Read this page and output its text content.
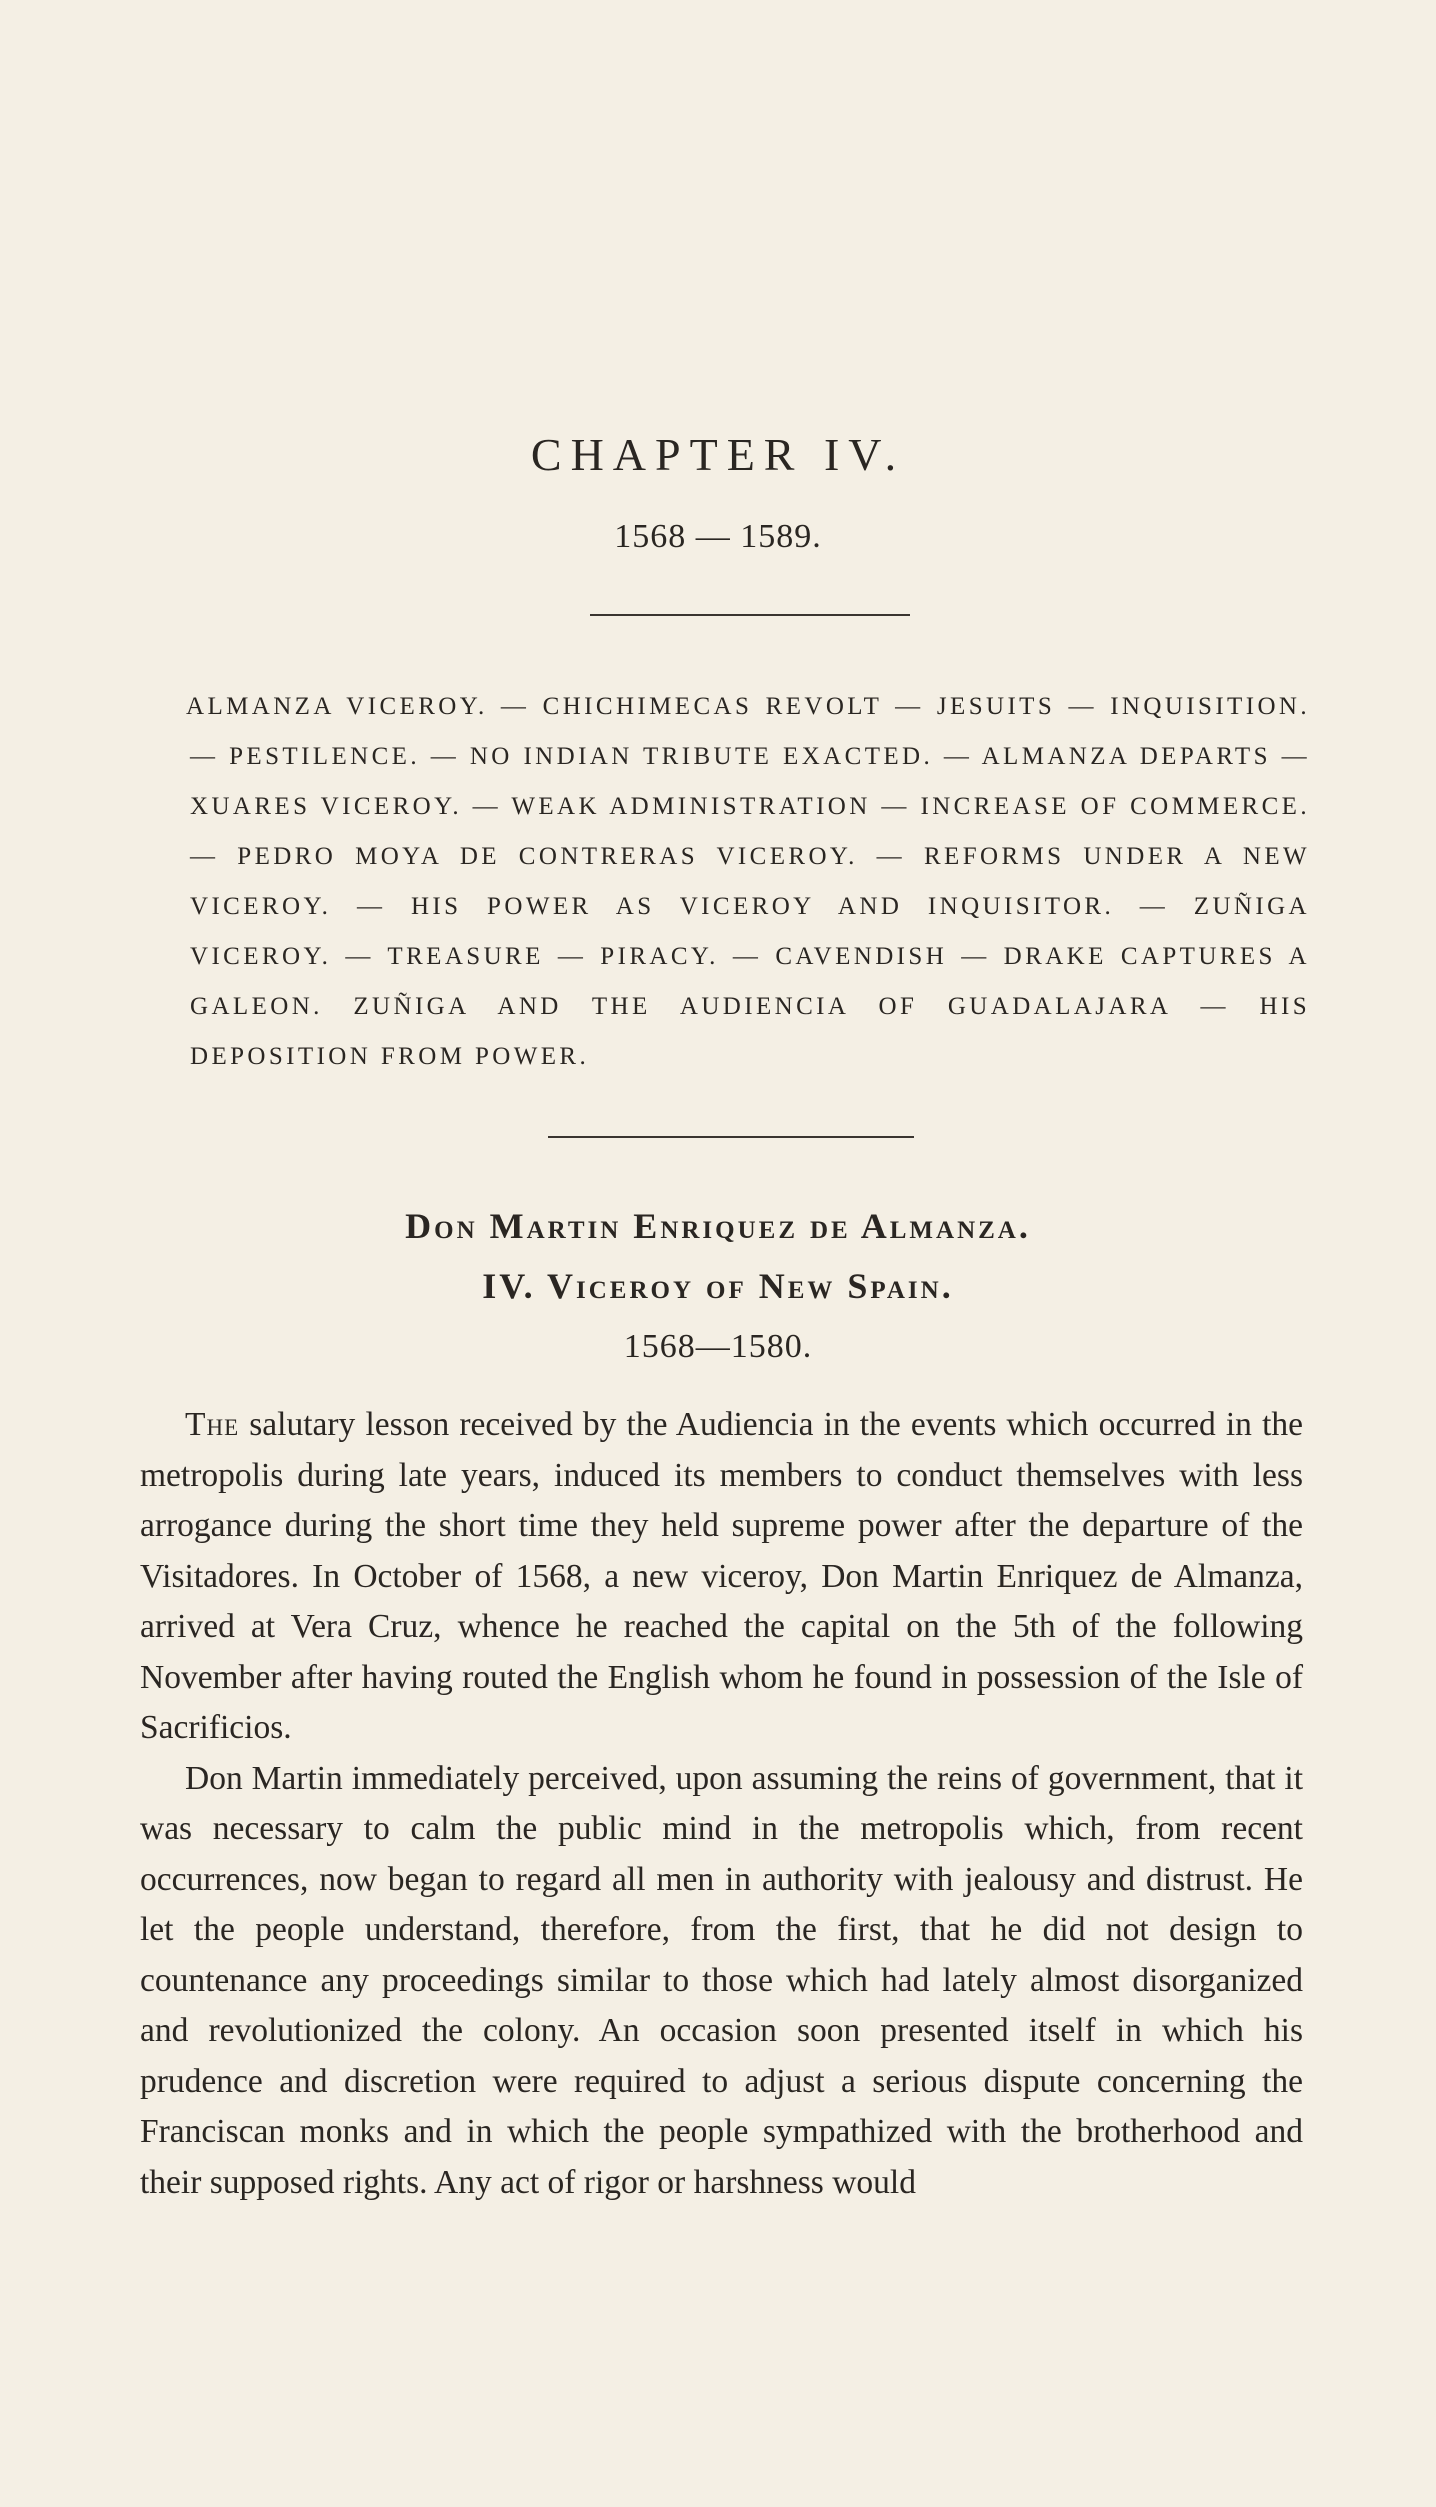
CHAPTER IV.
1568 — 1589.

ALMANZA VICEROY. — CHICHIMECAS REVOLT — JESUITS — INQUISITION. — PESTILENCE. — NO INDIAN TRIBUTE EXACTED. — ALMANZA DEPARTS — XUARES VICEROY. — WEAK ADMINISTRATION — INCREASE OF COMMERCE. — PEDRO MOYA DE CONTRERAS VICEROY. — REFORMS UNDER A NEW VICEROY. — HIS POWER AS VICEROY AND INQUISITOR. — ZUÑIGA VICEROY. — TREASURE — PIRACY. — CAVENDISH — DRAKE CAPTURES A GALEON. ZUÑIGA AND THE AUDIENCIA OF GUADALAJARA — HIS DEPOSITION FROM POWER.

Don Martin Enriquez de Almanza.
IV. Viceroy of New Spain.
1568—1580.

The salutary lesson received by the Audiencia in the events which occurred in the metropolis during late years, induced its members to conduct themselves with less arrogance during the short time they held supreme power after the departure of the Visitadores. In October of 1568, a new viceroy, Don Martin Enriquez de Almanza, arrived at Vera Cruz, whence he reached the capital on the 5th of the following November after having routed the English whom he found in possession of the Isle of Sacrificios.

Don Martin immediately perceived, upon assuming the reins of government, that it was necessary to calm the public mind in the metropolis which, from recent occurrences, now began to regard all men in authority with jealousy and distrust. He let the people understand, therefore, from the first, that he did not design to countenance any proceedings similar to those which had lately almost disorganized and revolutionized the colony. An occasion soon presented itself in which his prudence and discretion were required to adjust a serious dispute concerning the Franciscan monks and in which the people sympathized with the brotherhood and their supposed rights. Any act of rigor or harshness would
